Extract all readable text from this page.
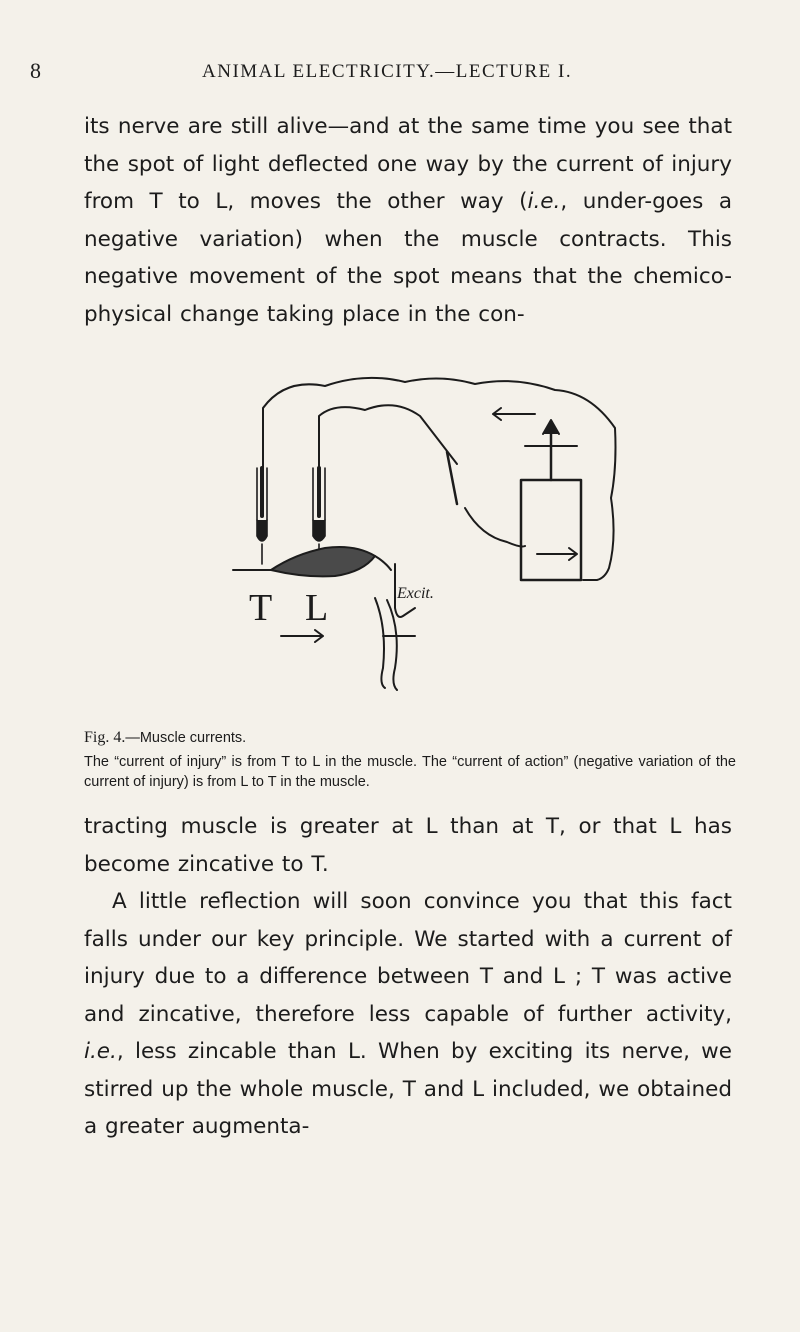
8	ANIMAL ELECTRICITY.—LECTURE I.

its nerve are still alive—and at the same time you see that the spot of light deflected one way by the current of injury from T to L, moves the other way (i.e., under-goes a negative variation) when the muscle contracts. This negative movement of the spot means that the chemico-physical change taking place in the con-

T L	Excit.

Fig. 4.—Muscle currents.

The “current of injury” is from T to L in the muscle. The “current of action” (negative variation of the current of injury) is from L to T in the muscle.

tracting muscle is greater at L than at T, or that L has become zincative to T.

A little reflection will soon convince you that this fact falls under our key principle. We started with a current of injury due to a difference between T and L ; T was active and zincative, therefore less capable of further activity, i.e., less zincable than L. When by exciting its nerve, we stirred up the whole muscle, T and L included, we obtained a greater augmenta-
